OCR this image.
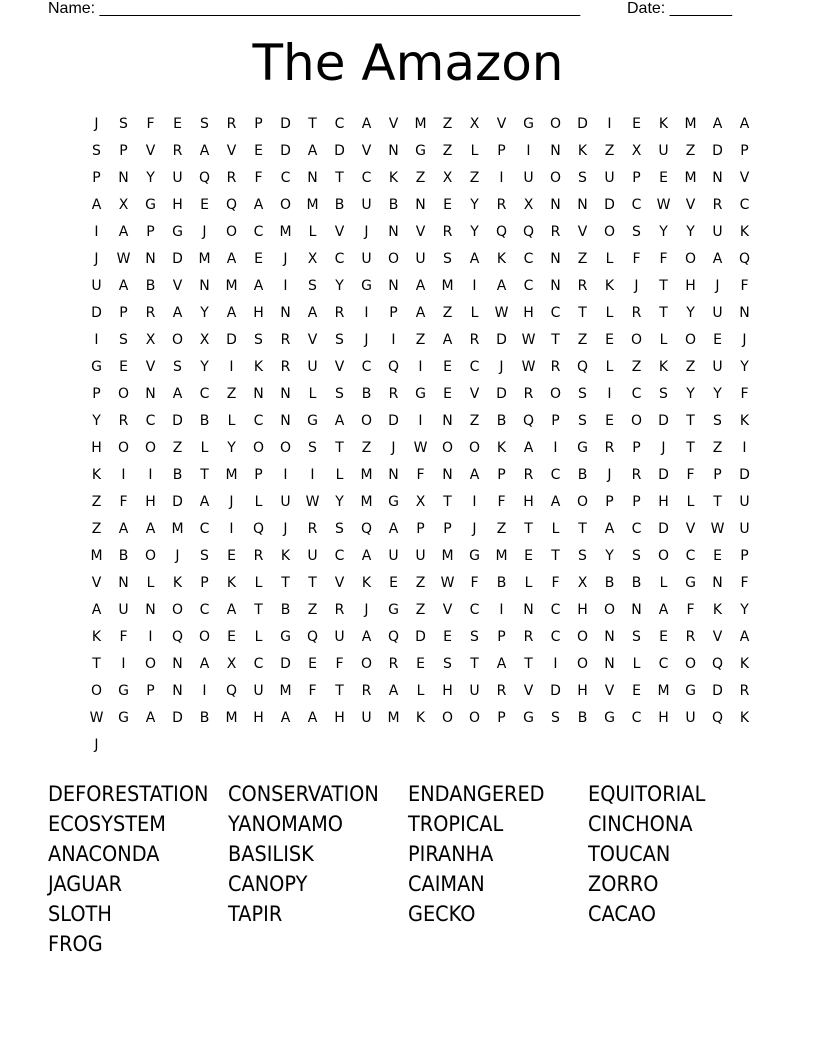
Name: ______________________________________________________	Date: _______
The Amazon
J	S	F	E	S	R	P	D	T	C	A	V	M	Z	X	V	G	O	D	I	E	K	M	A	A
S	P	V	R	A	V	E	D	A	D	V	N	G	Z	L	P	I	N	K	Z	X	U	Z	D	P
P	N	Y	U	Q	R	F	C	N	T	C	K	Z	X	Z	I	U	O	S	U	P	E	M	N	V
A	X	G	H	E	Q	A	O	M	B	U	B	N	E	Y	R	X	N	N	D	C	W	V	R	C
I	A	P	G	J	O	C	M	L	V	J	N	V	R	Y	Q	Q	R	V	O	S	Y	Y	U	K
J	W	N	D	M	A	E	J	X	C	U	O	U	S	A	K	C	N	Z	L	F	F	O	A	Q
U	A	B	V	N	M	A	I	S	Y	G	N	A	M	I	A	C	N	R	K	J	T	H	J	F
D	P	R	A	Y	A	H	N	A	R	I	P	A	Z	L	W	H	C	T	L	R	T	Y	U	N
I	S	X	O	X	D	S	R	V	S	J	I	Z	A	R	D	W	T	Z	E	O	L	O	E	J
G	E	V	S	Y	I	K	R	U	V	C	Q	I	E	C	J	W	R	Q	L	Z	K	Z	U	Y
P	O	N	A	C	Z	N	N	L	S	B	R	G	E	V	D	R	O	S	I	C	S	Y	Y	F
Y	R	C	D	B	L	C	N	G	A	O	D	I	N	Z	B	Q	P	S	E	O	D	T	S	K
H	O	O	Z	L	Y	O	O	S	T	Z	J	W	O	O	K	A	I	G	R	P	J	T	Z	I
K	I	I	B	T	M	P	I	I	L	M	N	F	N	A	P	R	C	B	J	R	D	F	P	D
Z	F	H	D	A	J	L	U	W	Y	M	G	X	T	I	F	H	A	O	P	P	H	L	T	U
Z	A	A	M	C	I	Q	J	R	S	Q	A	P	P	J	Z	T	L	T	A	C	D	V	W	U
M	B	O	J	S	E	R	K	U	C	A	U	U	M	G	M	E	T	S	Y	S	O	C	E	P
V	N	L	K	P	K	L	T	T	V	K	E	Z	W	F	B	L	F	X	B	B	L	G	N	F
A	U	N	O	C	A	T	B	Z	R	J	G	Z	V	C	I	N	C	H	O	N	A	F	K	Y
K	F	I	Q	O	E	L	G	Q	U	A	Q	D	E	S	P	R	C	O	N	S	E	R	V	A
T	I	O	N	A	X	C	D	E	F	O	R	E	S	T	A	T	I	O	N	L	C	O	Q	K
O	G	P	N	I	Q	U	M	F	T	R	A	L	H	U	R	V	D	H	V	E	M	G	D	R
W	G	A	D	B	M	H	A	A	H	U	M	K	O	O	P	G	S	B	G	C	H	U	Q	K
J
DEFORESTATION CONSERVATION	ENDANGERED	EQUITORIAL
ECOSYSTEM	YANOMAMO	TROPICAL	CINCHONA
ANACONDA	BASILISK	PIRANHA	TOUCAN
JAGUAR	CANOPY	CAIMAN	ZORRO
SLOTH	TAPIR	GECKO	CACAO
FROG
